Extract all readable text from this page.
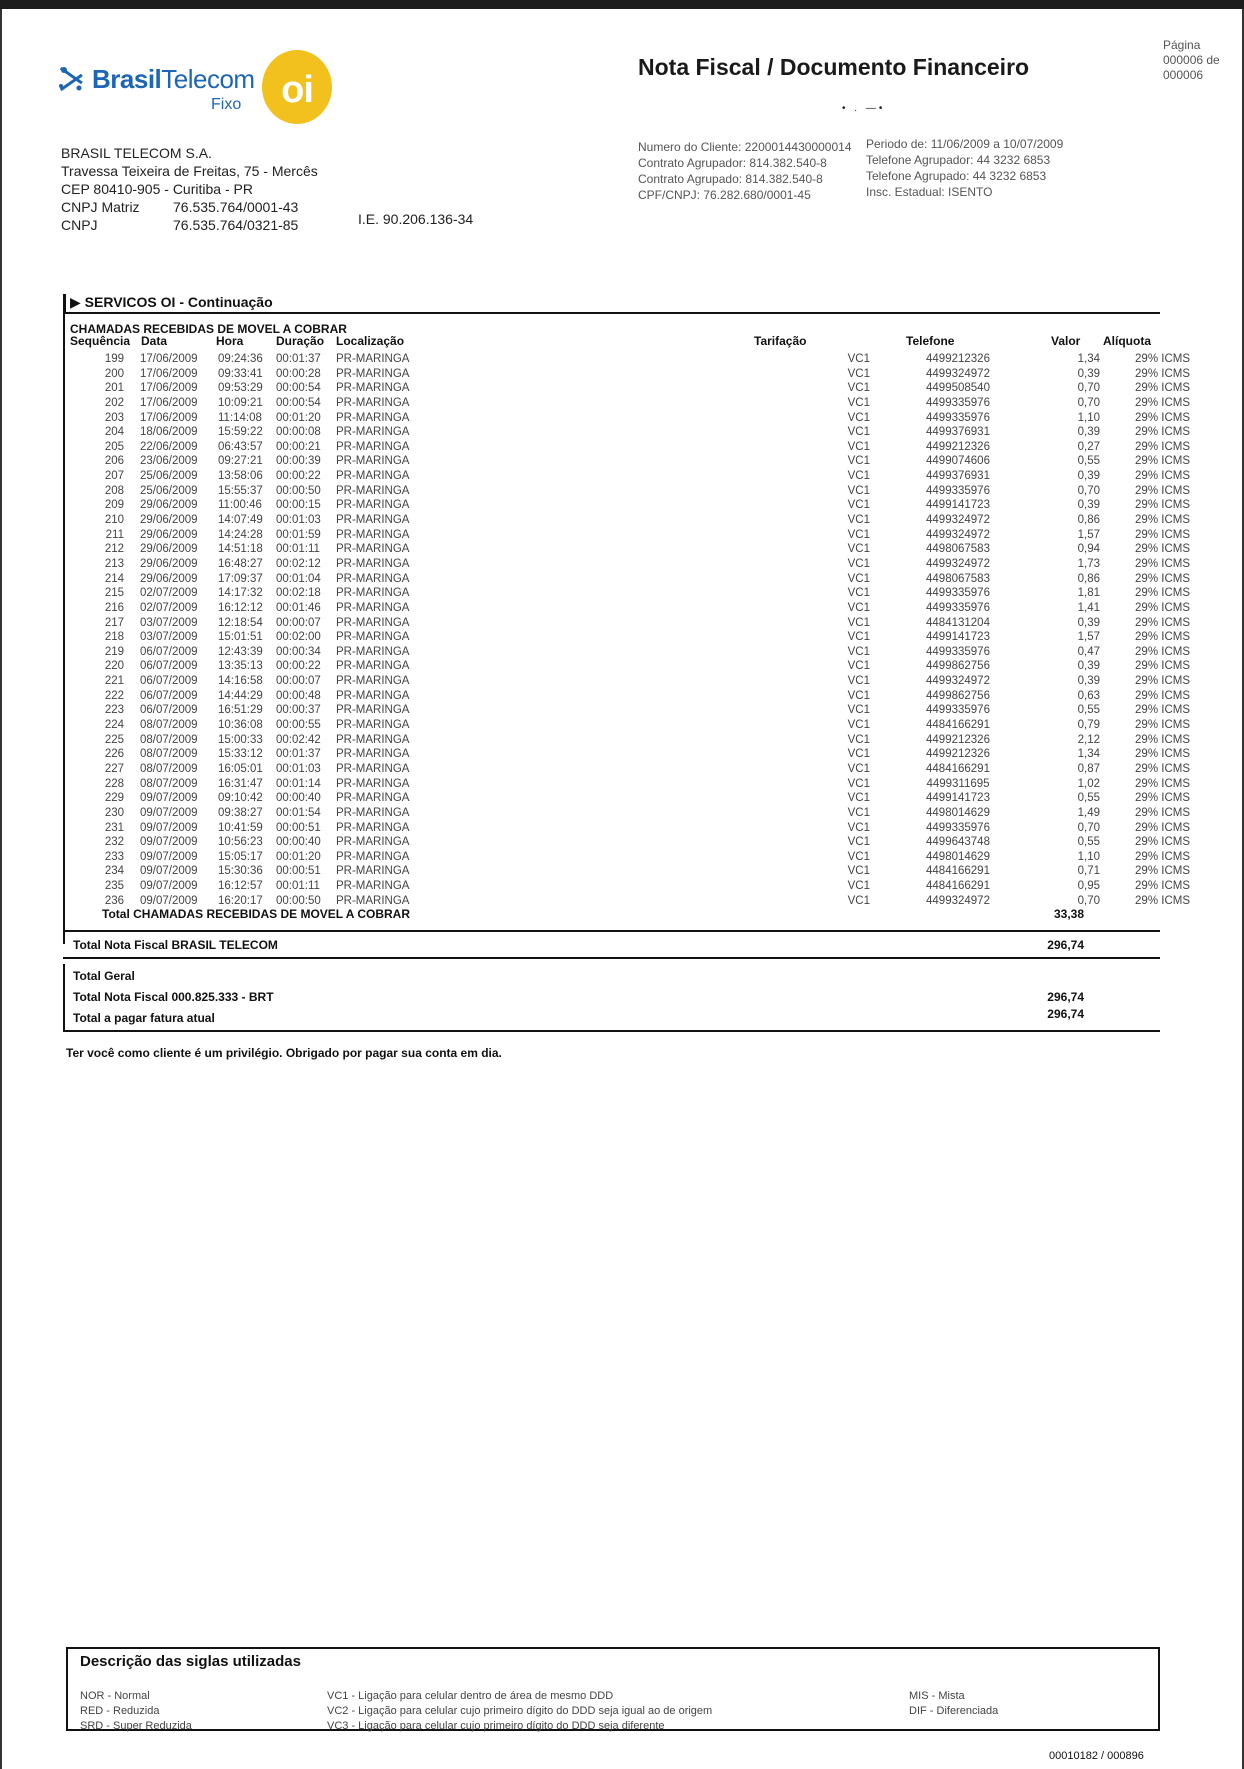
Página
000006 de
000006
BrasilTelecom
Fixo	oi
BRASIL TELECOM S.A.
Travessa Teixeira de Freitas, 75 - Mercês
CEP 80410-905 - Curitiba - PR
CNPJ Matriz	76.535.764/0001-43
CNPJ	76.535.764/0321-85	I.E. 90.206.136-34
Nota Fiscal / Documento Financeiro
• . —•
Numero do Cliente: 2200014430000014
Contrato Agrupador: 814.382.540-8
Contrato Agrupado: 814.382.540-8
CPF/CNPJ: 76.282.680/0001-45
Periodo de: 11/06/2009 a 10/07/2009
Telefone Agrupador: 44 3232 6853
Telefone Agrupado: 44 3232 6853
Insc. Estadual: ISENTO
▶ SERVICOS OI - Continuação
CHAMADAS RECEBIDAS DE MOVEL A COBRAR
Sequência Data	Hora	Duração Localização	Tarifação	Telefone	Valor Alíquota
199 17/06/2009 09:24:36 00:01:37 PR-MARINGA	VC1	4499212326	1,34	29% ICMS
200 17/06/2009 09:33:41 00:00:28 PR-MARINGA	VC1	4499324972	0,39	29% ICMS
201 17/06/2009 09:53:29 00:00:54 PR-MARINGA	VC1	4499508540	0,70	29% ICMS
202 17/06/2009 10:09:21 00:00:54 PR-MARINGA	VC1	4499335976	0,70	29% ICMS
203 17/06/2009 11:14:08 00:01:20 PR-MARINGA	VC1	4499335976	1,10	29% ICMS
204 18/06/2009 15:59:22 00:00:08 PR-MARINGA	VC1	4499376931	0,39	29% ICMS
205 22/06/2009 06:43:57 00:00:21 PR-MARINGA	VC1	4499212326	0,27	29% ICMS
206 23/06/2009 09:27:21 00:00:39 PR-MARINGA	VC1	4499074606	0,55	29% ICMS
207 25/06/2009 13:58:06 00:00:22 PR-MARINGA	VC1	4499376931	0,39	29% ICMS
208 25/06/2009 15:55:37 00:00:50 PR-MARINGA	VC1	4499335976	0,70	29% ICMS
209 29/06/2009 11:00:46 00:00:15 PR-MARINGA	VC1	4499141723	0,39	29% ICMS
210 29/06/2009 14:07:49 00:01:03 PR-MARINGA	VC1	4499324972	0,86	29% ICMS
211 29/06/2009 14:24:28 00:01:59 PR-MARINGA	VC1	4499324972	1,57	29% ICMS
212 29/06/2009 14:51:18 00:01:11 PR-MARINGA	VC1	4498067583	0,94	29% ICMS
213 29/06/2009 16:48:27 00:02:12 PR-MARINGA	VC1	4499324972	1,73	29% ICMS
214 29/06/2009 17:09:37 00:01:04 PR-MARINGA	VC1	4498067583	0,86	29% ICMS
215 02/07/2009 14:17:32 00:02:18 PR-MARINGA	VC1	4499335976	1,81	29% ICMS
216 02/07/2009 16:12:12 00:01:46 PR-MARINGA	VC1	4499335976	1,41	29% ICMS
217 03/07/2009 12:18:54 00:00:07 PR-MARINGA	VC1	4484131204	0,39	29% ICMS
218 03/07/2009 15:01:51 00:02:00 PR-MARINGA	VC1	4499141723	1,57	29% ICMS
219 06/07/2009 12:43:39 00:00:34 PR-MARINGA	VC1	4499335976	0,47	29% ICMS
220 06/07/2009 13:35:13 00:00:22 PR-MARINGA	VC1	4499862756	0,39	29% ICMS
221 06/07/2009 14:16:58 00:00:07 PR-MARINGA	VC1	4499324972	0,39	29% ICMS
222 06/07/2009 14:44:29 00:00:48 PR-MARINGA	VC1	4499862756	0,63	29% ICMS
223 06/07/2009 16:51:29 00:00:37 PR-MARINGA	VC1	4499335976	0,55	29% ICMS
224 08/07/2009 10:36:08 00:00:55 PR-MARINGA	VC1	4484166291	0,79	29% ICMS
225 08/07/2009 15:00:33 00:02:42 PR-MARINGA	VC1	4499212326	2,12	29% ICMS
226 08/07/2009 15:33:12 00:01:37 PR-MARINGA	VC1	4499212326	1,34	29% ICMS
227 08/07/2009 16:05:01 00:01:03 PR-MARINGA	VC1	4484166291	0,87	29% ICMS
228 08/07/2009 16:31:47 00:01:14 PR-MARINGA	VC1	4499311695	1,02	29% ICMS
229 09/07/2009 09:10:42 00:00:40 PR-MARINGA	VC1	4499141723	0,55	29% ICMS
230 09/07/2009 09:38:27 00:01:54 PR-MARINGA	VC1	4498014629	1,49	29% ICMS
231 09/07/2009 10:41:59 00:00:51 PR-MARINGA	VC1	4499335976	0,70	29% ICMS
232 09/07/2009 10:56:23 00:00:40 PR-MARINGA	VC1	4499643748	0,55	29% ICMS
233 09/07/2009 15:05:17 00:01:20 PR-MARINGA	VC1	4498014629	1,10	29% ICMS
234 09/07/2009 15:30:36 00:00:51 PR-MARINGA	VC1	4484166291	0,71	29% ICMS
235 09/07/2009 16:12:57 00:01:11 PR-MARINGA	VC1	4484166291	0,95	29% ICMS
236 09/07/2009 16:20:17 00:00:50 PR-MARINGA	VC1	4499324972	0,70	29% ICMS
Total CHAMADAS RECEBIDAS DE MOVEL A COBRAR	33,38
Total Nota Fiscal BRASIL TELECOM	296,74
Total Geral
Total Nota Fiscal 000.825.333 - BRT	296,74
Total a pagar fatura atual	296,74
Ter você como cliente é um privilégio. Obrigado por pagar sua conta em dia.
Descrição das siglas utilizadas
NOR - Normal
RED - Reduzida
SRD - Super Reduzida
VC1 - Ligação para celular dentro de área de mesmo DDD
VC2 - Ligação para celular cujo primeiro dígito do DDD seja igual ao de origem
VC3 - Ligação para celular cujo primeiro dígito do DDD seja diferente
MIS - Mista
DIF - Diferenciada
00010182 / 000896
